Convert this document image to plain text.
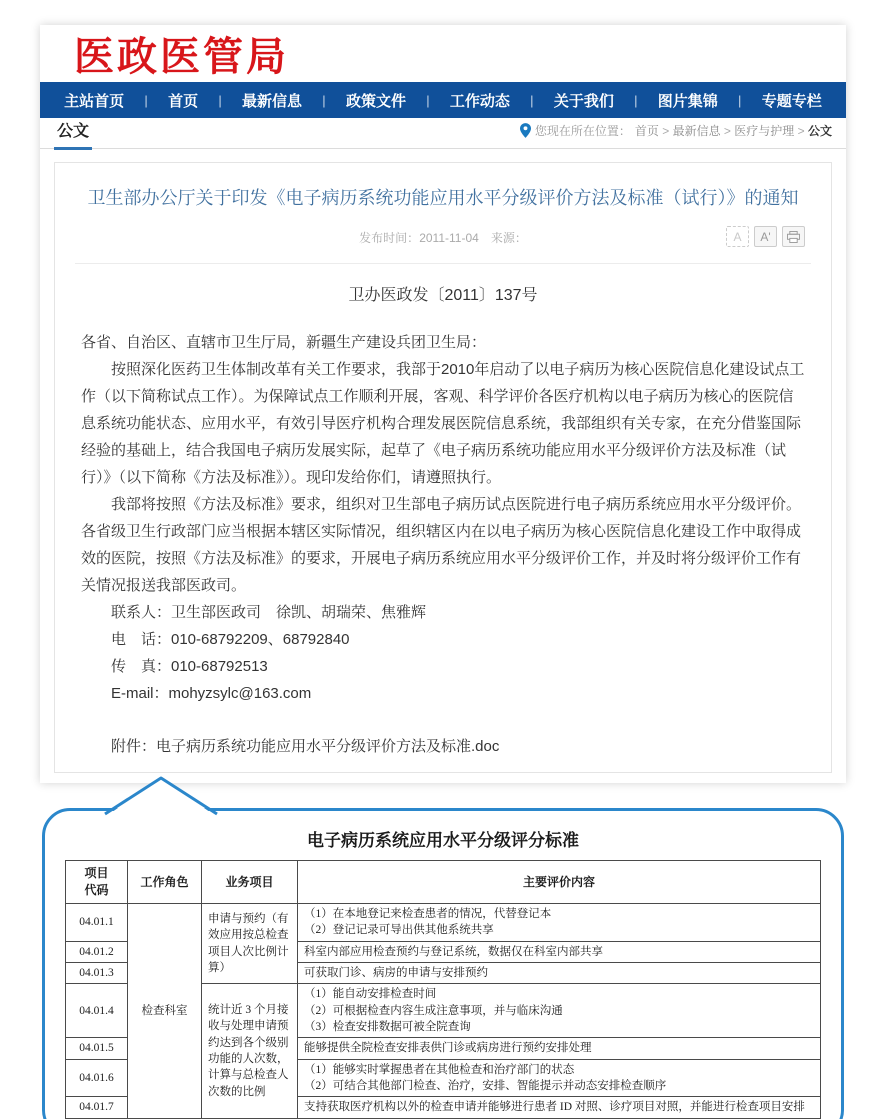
医政医管局
主站首页 | 首页 | 最新信息 | 政策文件 | 工作动态 | 关于我们 | 图片集锦 | 专题专栏
公文	您现在所在位置： 首页 > 最新信息 > 医疗与护理 > 公文
卫生部办公厅关于印发《电子病历系统功能应用水平分级评价方法及标准（试行）》的通知
发布时间：2011-11-04　 来源：	A	A'
卫办医政发〔2011〕137号

各省、自治区、直辖市卫生厅局，新疆生产建设兵团卫生局：

按照深化医药卫生体制改革有关工作要求，我部于2010年启动了以电子病历为核心医院信息化建设试点工作（以下简称试点工作）。为保障试点工作顺利开展，客观、科学评价各医疗机构以电子病历为核心的医院信息系统功能状态、应用水平，有效引导医疗机构合理发展医院信息系统，我部组织有关专家，在充分借鉴国际经验的基础上，结合我国电子病历发展实际，起草了《电子病历系统功能应用水平分级评价方法及标准（试行）》（以下简称《方法及标准》）。现印发给你们，请遵照执行。

我部将按照《方法及标准》要求，组织对卫生部电子病历试点医院进行电子病历系统应用水平分级评价。各省级卫生行政部门应当根据本辖区实际情况，组织辖区内在以电子病历为核心医院信息化建设工作中取得成效的医院，按照《方法及标准》的要求，开展电子病历系统应用水平分级评价工作，并及时将分级评价工作有关情况报送我部医政司。

联系人：卫生部医政司　徐凯、胡瑞荣、焦雅辉

电　话：010-68792209、68792840

传　真：010-68792513

E-mail：mohyzsylc@163.com

附件：电子病历系统功能应用水平分级评价方法及标准.doc

电子病历系统应用水平分级评分标准
项目
代码	工作角色	业务项目	主要评价内容
04.01.1	检查科室	申请与预约（有效应用按总检查项目人次比例计算）	（1）在本地登记来检查患者的情况，代替登记本
（2）登记记录可导出供其他系统共享
04.01.2			科室内部应用检查预约与登记系统，数据仅在科室内部共享
04.01.3			可获取门诊、病房的申请与安排预约
04.01.4		统计近 3 个月接收与处理申请预约达到各个级别功能的人次数，计算与总检查人次数的比例	（1）能自动安排检查时间
（2）可根据检查内容生成注意事项，并与临床沟通
（3）检查安排数据可被全院查询
04.01.5			能够提供全院检查安排表供门诊或病房进行预约安排处理
04.01.6			（1）能够实时掌握患者在其他检查和治疗部门的状态
（2）可结合其他部门检查、治疗，安排、智能提示并动态安排检查顺序
04.01.7			支持获取医疗机构以外的检查申请并能够进行患者 ID 对照、诊疗项目对照，并能进行检查项目安排
